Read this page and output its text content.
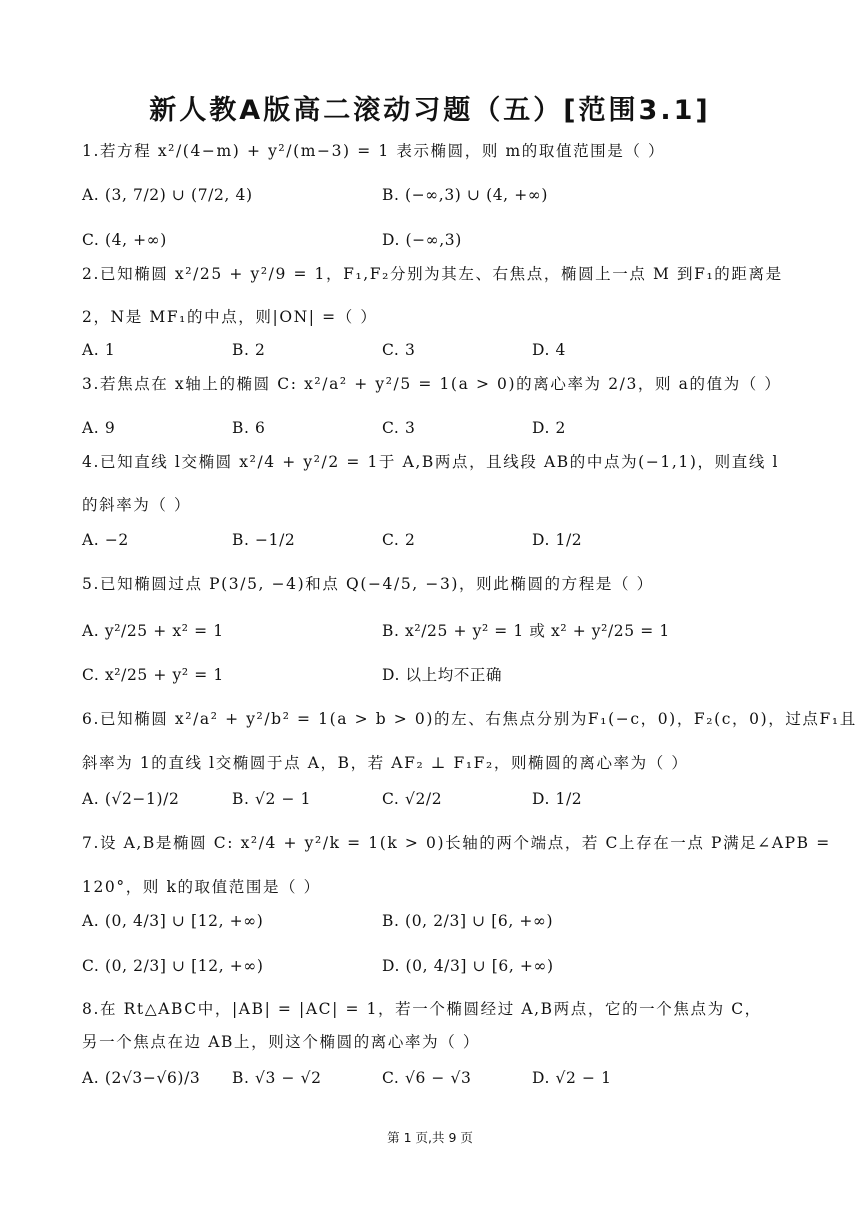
新人教A版高二滚动习题（五）[范围3.1]
1.若方程 x²/(4−m) + y²/(m−3) = 1 表示椭圆，则 m的取值范围是（ ）
A. (3, 7/2) ∪ (7/2, 4)	B. (−∞,3) ∪ (4, +∞)
C. (4, +∞)	D. (−∞,3)
2.已知椭圆 x²/25 + y²/9 = 1，F₁,F₂分别为其左、右焦点，椭圆上一点 M 到F₁的距离是
2，N是 MF₁的中点，则|ON| =（ ）
A. 1	B. 2	C. 3	D. 4
3.若焦点在 x轴上的椭圆 C: x²/a² + y²/5 = 1(a > 0)的离心率为 2/3，则 a的值为（ ）
A. 9	B. 6	C. 3	D. 2
4.已知直线 l交椭圆 x²/4 + y²/2 = 1于 A,B两点，且线段 AB的中点为(−1,1)，则直线 l
的斜率为（ ）
A. −2	B. −1/2	C. 2	D. 1/2
5.已知椭圆过点 P(3/5, −4)和点 Q(−4/5, −3)，则此椭圆的方程是（ ）
A. y²/25 + x² = 1	B. x²/25 + y² = 1 或 x² + y²/25 = 1
C. x²/25 + y² = 1	D. 以上均不正确
6.已知椭圆 x²/a² + y²/b² = 1(a > b > 0)的左、右焦点分别为F₁(−c，0)，F₂(c，0)，过点F₁且
斜率为 1的直线 l交椭圆于点 A，B，若 AF₂ ⊥ F₁F₂，则椭圆的离心率为（ ）
A. (√2−1)/2	B. √2 − 1	C. √2/2	D. 1/2
7.设 A,B是椭圆 C: x²/4 + y²/k = 1(k > 0)长轴的两个端点，若 C上存在一点 P满足∠APB =
120°，则 k的取值范围是（ ）
A. (0, 4/3] ∪ [12, +∞)	B. (0, 2/3] ∪ [6, +∞)
C. (0, 2/3] ∪ [12, +∞)	D. (0, 4/3] ∪ [6, +∞)
8.在 Rt△ABC中，|AB| = |AC| = 1，若一个椭圆经过 A,B两点，它的一个焦点为 C，
另一个焦点在边 AB上，则这个椭圆的离心率为（ ）
A. (2√3−√6)/3 B. √3 − √2	C. √6 − √3	D. √2 − 1
第 1 页,共 9 页
